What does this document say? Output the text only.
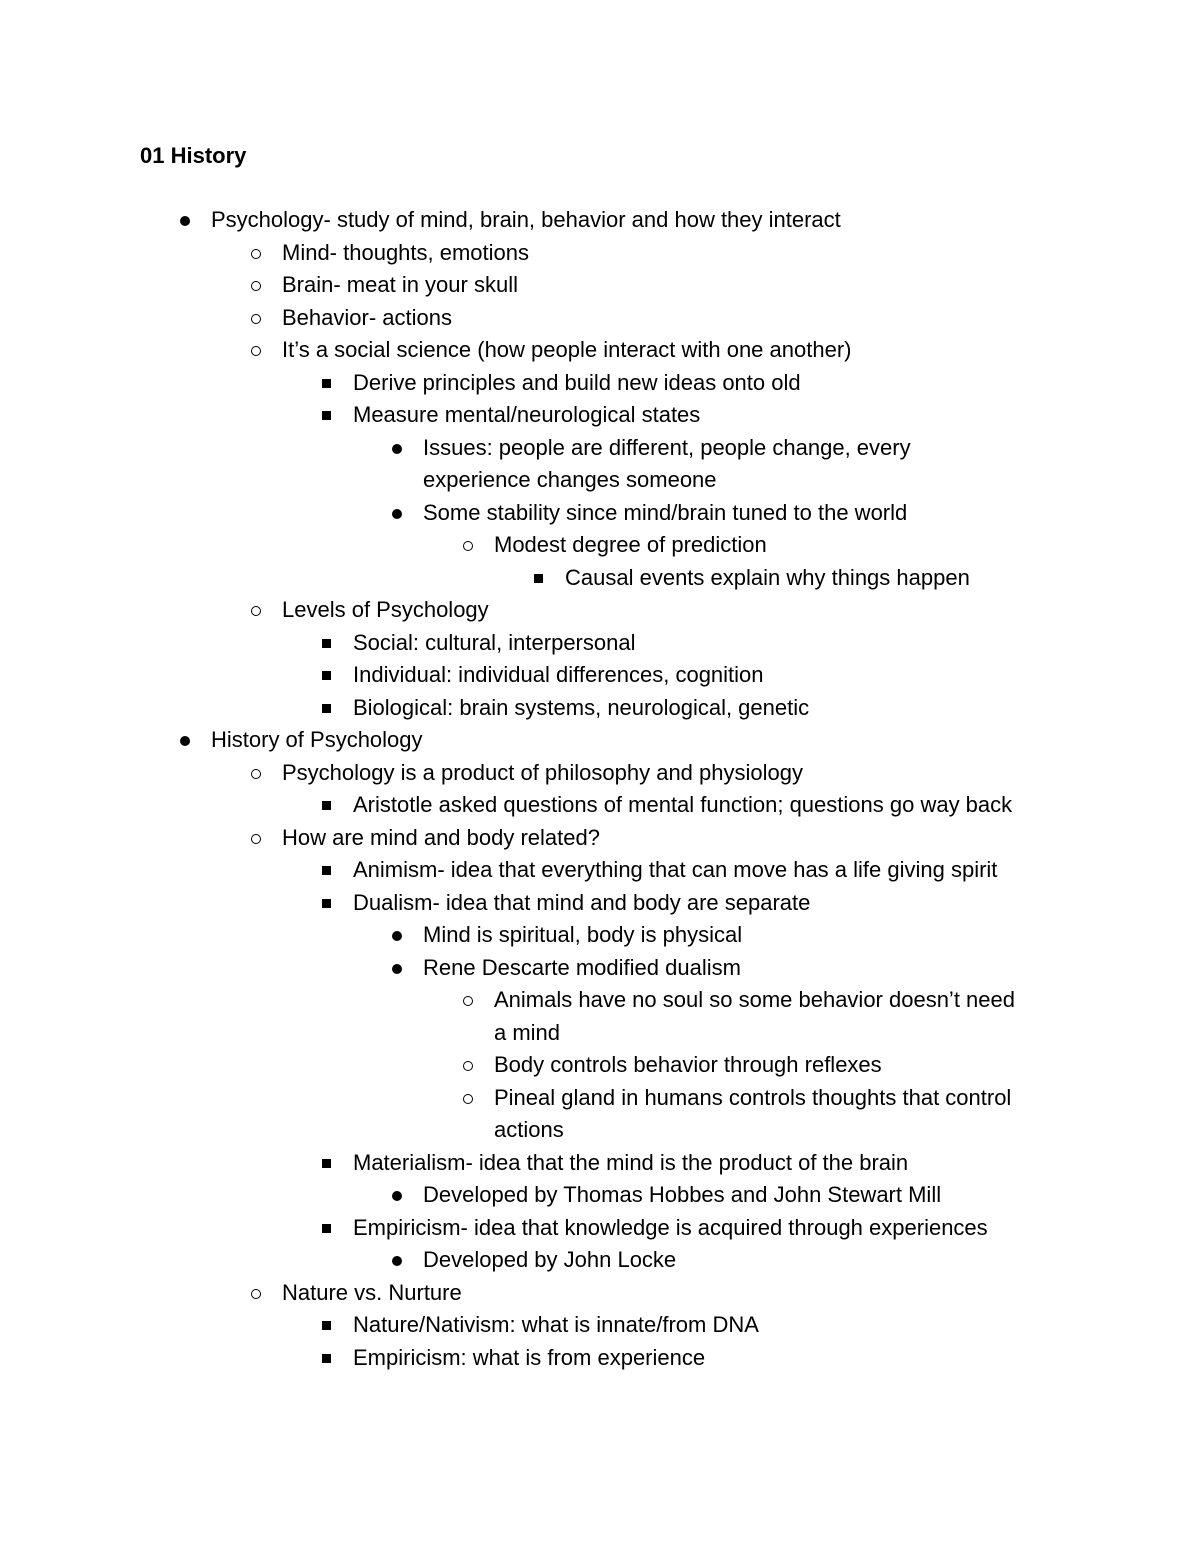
01 History
Psychology- study of mind, brain, behavior and how they interact
Mind- thoughts, emotions
Brain- meat in your skull
Behavior- actions
It’s a social science (how people interact with one another)
Derive principles and build new ideas onto old
Measure mental/neurological states
Issues: people are different, people change, every
experience changes someone
Some stability since mind/brain tuned to the world
Modest degree of prediction
Causal events explain why things happen
Levels of Psychology
Social: cultural, interpersonal
Individual: individual differences, cognition
Biological: brain systems, neurological, genetic
History of Psychology
Psychology is a product of philosophy and physiology
Aristotle asked questions of mental function; questions go way back
How are mind and body related?
Animism- idea that everything that can move has a life giving spirit
Dualism- idea that mind and body are separate
Mind is spiritual, body is physical
Rene Descarte modified dualism
Animals have no soul so some behavior doesn’t need
a mind
Body controls behavior through reflexes
Pineal gland in humans controls thoughts that control
actions
Materialism- idea that the mind is the product of the brain
Developed by Thomas Hobbes and John Stewart Mill
Empiricism- idea that knowledge is acquired through experiences
Developed by John Locke
Nature vs. Nurture
Nature/Nativism: what is innate/from DNA
Empiricism: what is from experience
